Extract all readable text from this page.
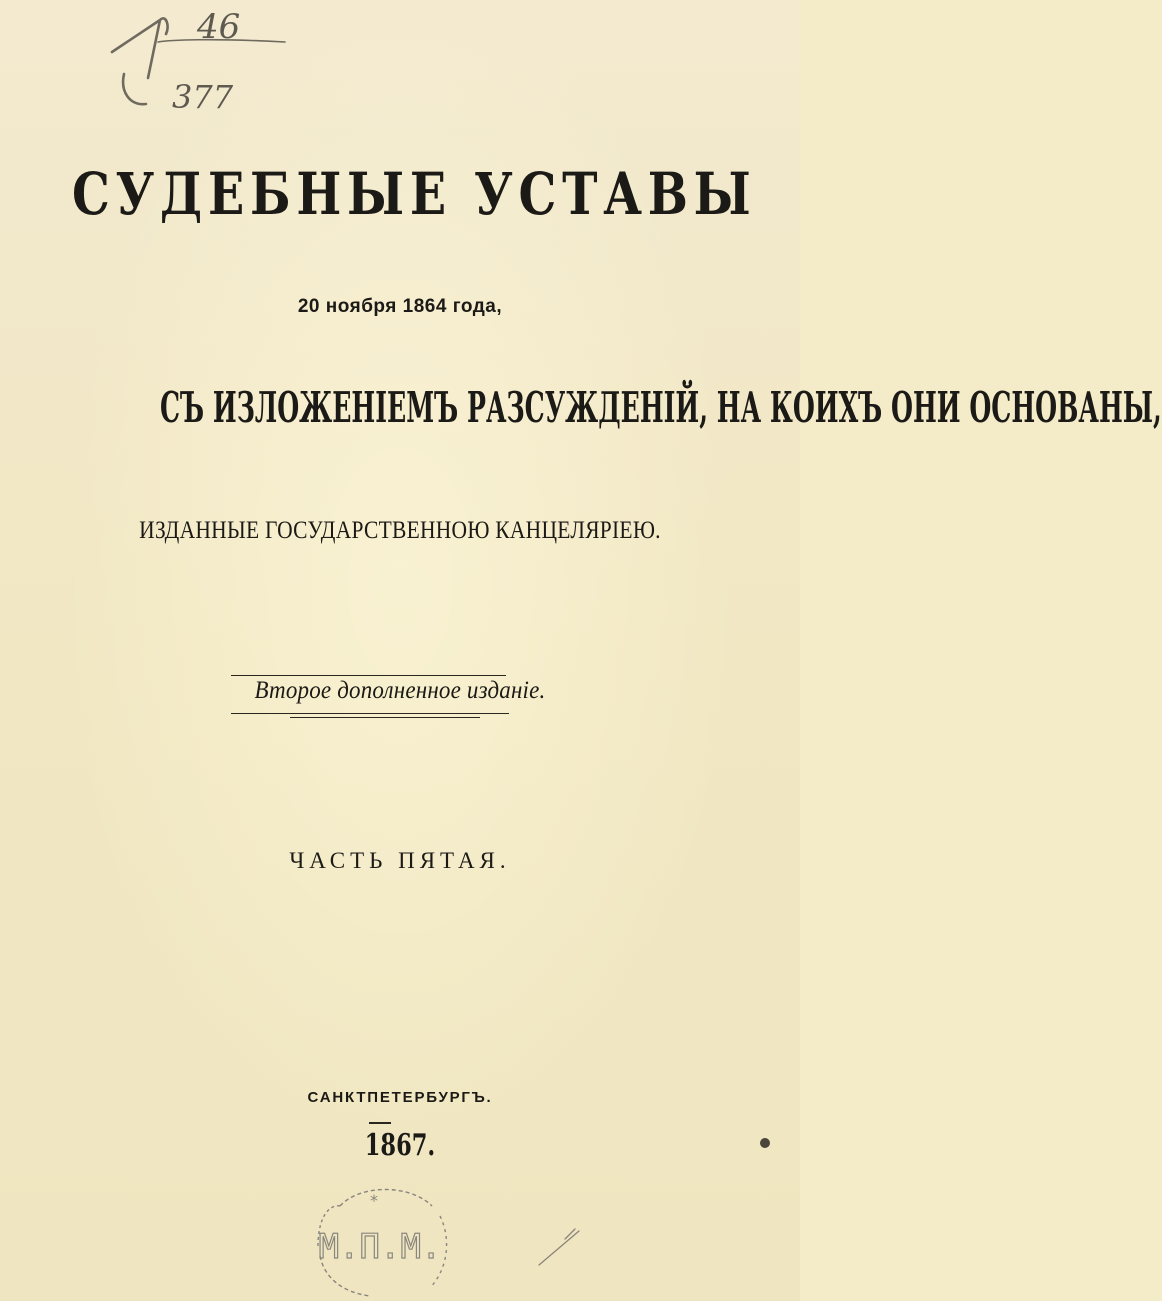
46
377
СУДЕБНЫЕ УСТАВЫ
20 ноября 1864 года,
СЪ ИЗЛОЖЕНІЕМЪ РАЗСУЖДЕНІЙ, НА КОИХЪ ОНИ ОСНОВАНЫ,
ИЗДАННЫЕ ГОСУДАРСТВЕННОЮ КАНЦЕЛЯРІЕЮ.
Второе дополненное изданіе.
ЧАСТЬ ПЯТАЯ.
САНКТПЕТЕРБУРГЪ.
1867.
*
М.П.М.
